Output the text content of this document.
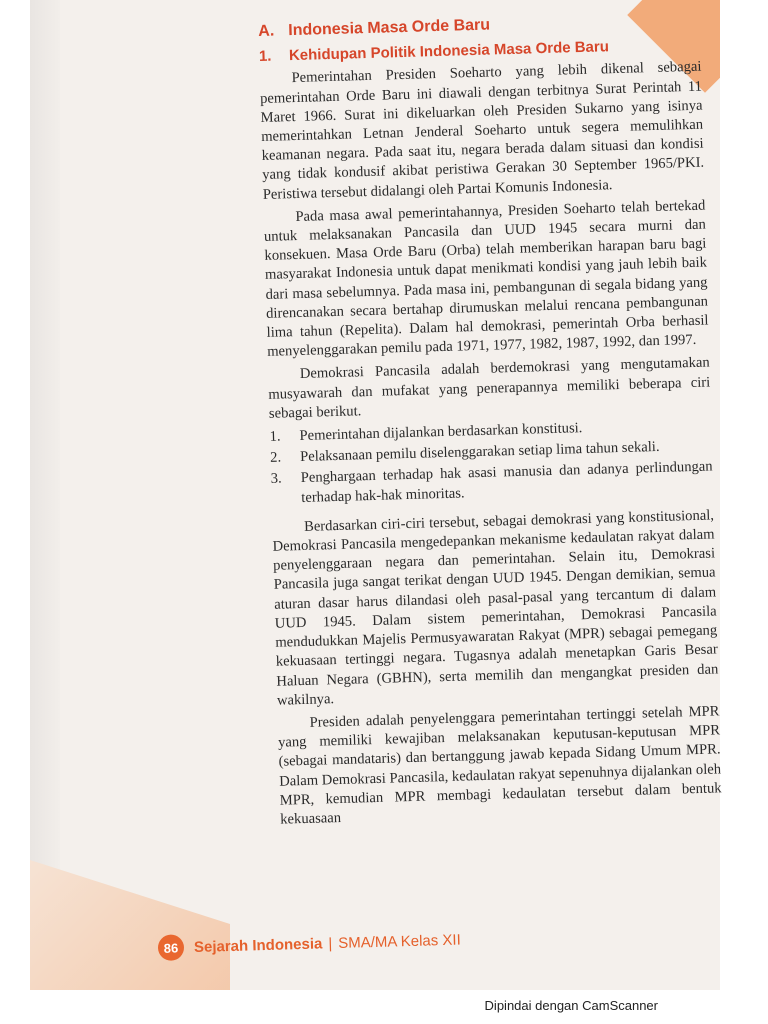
A. Indonesia Masa Orde Baru
1. Kehidupan Politik Indonesia Masa Orde Baru

Pemerintahan Presiden Soeharto yang lebih dikenal sebagai pemerintahan Orde Baru ini diawali dengan terbitnya Surat Perintah 11 Maret 1966. Surat ini dikeluarkan oleh Presiden Sukarno yang isinya memerintahkan Letnan Jenderal Soeharto untuk segera memulihkan keamanan negara. Pada saat itu, negara berada dalam situasi dan kondisi yang tidak kondusif akibat peristiwa Gerakan 30 September 1965/PKI. Peristiwa tersebut didalangi oleh Partai Komunis Indonesia.

Pada masa awal pemerintahannya, Presiden Soeharto telah bertekad untuk melaksanakan Pancasila dan UUD 1945 secara murni dan konsekuen. Masa Orde Baru (Orba) telah memberikan harapan baru bagi masyarakat Indonesia untuk dapat menikmati kondisi yang jauh lebih baik dari masa sebelumnya. Pada masa ini, pembangunan di segala bidang yang direncanakan secara bertahap dirumuskan melalui rencana pembangunan lima tahun (Repelita). Dalam hal demokrasi, pemerintah Orba berhasil menyelenggarakan pemilu pada 1971, 1977, 1982, 1987, 1992, dan 1997.

Demokrasi Pancasila adalah berdemokrasi yang mengutamakan musyawarah dan mufakat yang penerapannya memiliki beberapa ciri sebagai berikut.

1.	Pemerintahan dijalankan berdasarkan konstitusi.
2.	Pelaksanaan pemilu diselenggarakan setiap lima tahun sekali.
3.	Penghargaan terhadap hak asasi manusia dan adanya perlindungan terhadap hak-hak minoritas.

Berdasarkan ciri-ciri tersebut, sebagai demokrasi yang konstitusional, Demokrasi Pancasila mengedepankan mekanisme kedaulatan rakyat dalam penyelenggaraan negara dan pemerintahan. Selain itu, Demokrasi Pancasila juga sangat terikat dengan UUD 1945. Dengan demikian, semua aturan dasar harus dilandasi oleh pasal-pasal yang tercantum di dalam UUD 1945. Dalam sistem pemerintahan, Demokrasi Pancasila mendudukkan Majelis Permusyawaratan Rakyat (MPR) sebagai pemegang kekuasaan tertinggi negara. Tugasnya adalah menetapkan Garis Besar Haluan Negara (GBHN), serta memilih dan mengangkat presiden dan wakilnya.

Presiden adalah penyelenggara pemerintahan tertinggi setelah MPR yang memiliki kewajiban melaksanakan keputusan-keputusan MPR (sebagai mandataris) dan bertanggung jawab kepada Sidang Umum MPR. Dalam Demokrasi Pancasila, kedaulatan rakyat sepenuhnya dijalankan oleh MPR, kemudian MPR membagi kedaulatan tersebut dalam bentuk kekuasaan

86	Sejarah Indonesia | SMA/MA Kelas XII
Dipindai dengan CamScanner
